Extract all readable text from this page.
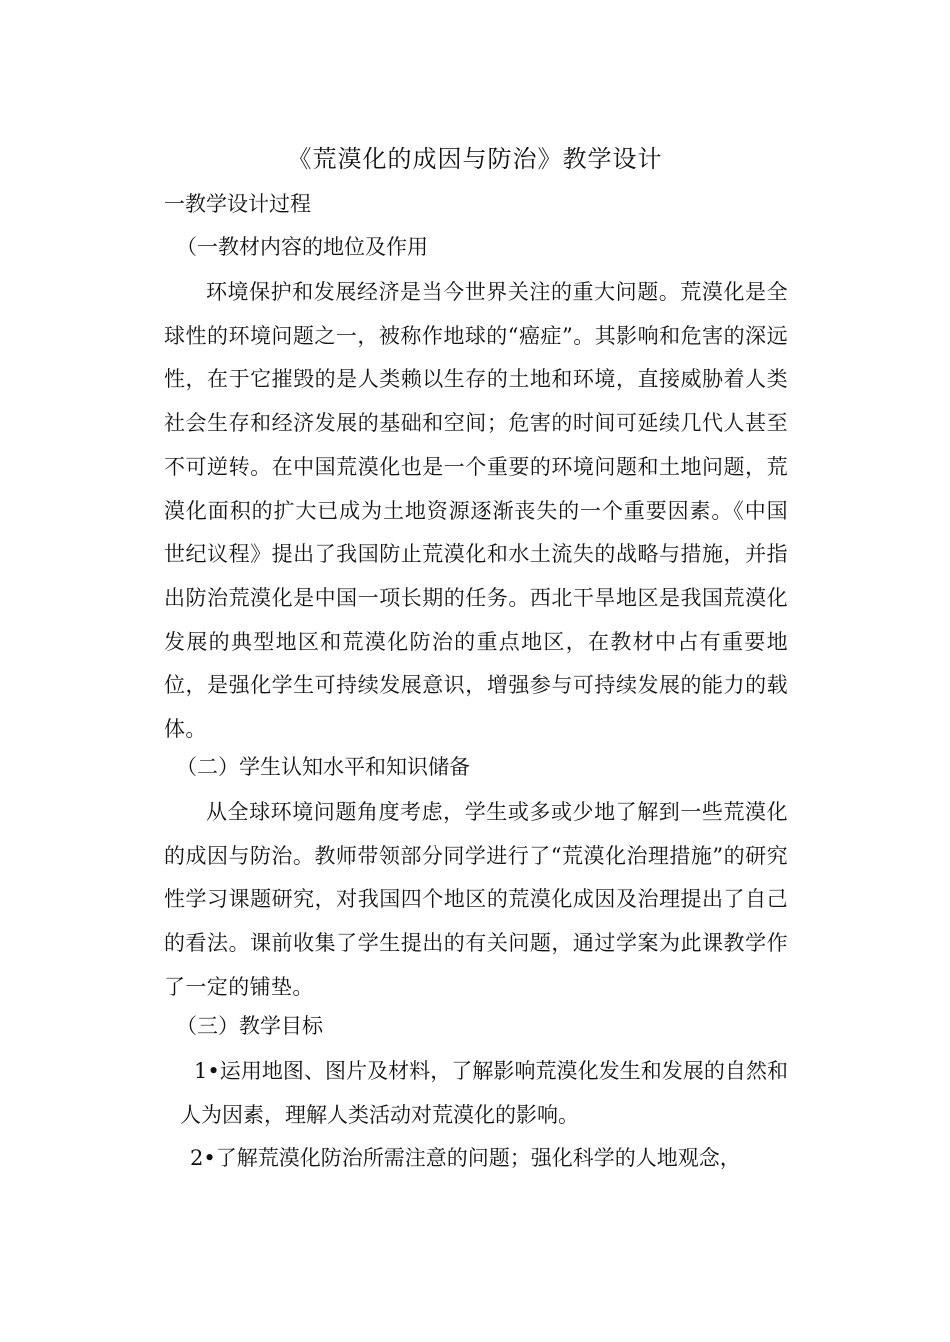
《荒漠化的成因与防治》教学设计
一教学设计过程
（一教材内容的地位及作用

环境保护和发展经济是当今世界关注的重大问题。荒漠化是全球性的环境问题之一，被称作地球的“癌症”。其影响和危害的深远性，在于它摧毁的是人类赖以生存的土地和环境，直接威胁着人类社会生存和经济发展的基础和空间；危害的时间可延续几代人甚至不可逆转。在中国荒漠化也是一个重要的环境问题和土地问题，荒漠化面积的扩大已成为土地资源逐渐丧失的一个重要因素。《中国世纪议程》提出了我国防止荒漠化和水土流失的战略与措施，并指出防治荒漠化是中国一项长期的任务。西北干旱地区是我国荒漠化发展的典型地区和荒漠化防治的重点地区，在教材中占有重要地位，是强化学生可持续发展意识，增强参与可持续发展的能力的载体。

（二）学生认知水平和知识储备

从全球环境问题角度考虑，学生或多或少地了解到一些荒漠化的成因与防治。教师带领部分同学进行了“荒漠化治理措施”的研究性学习课题研究，对我国四个地区的荒漠化成因及治理提出了自己的看法。课前收集了学生提出的有关问题，通过学案为此课教学作了一定的铺垫。

（三）教学目标

1•运用地图、图片及材料，了解影响荒漠化发生和发展的自然和人为因素，理解人类活动对荒漠化的影响。

2•了解荒漠化防治所需注意的问题；强化科学的人地观念，
